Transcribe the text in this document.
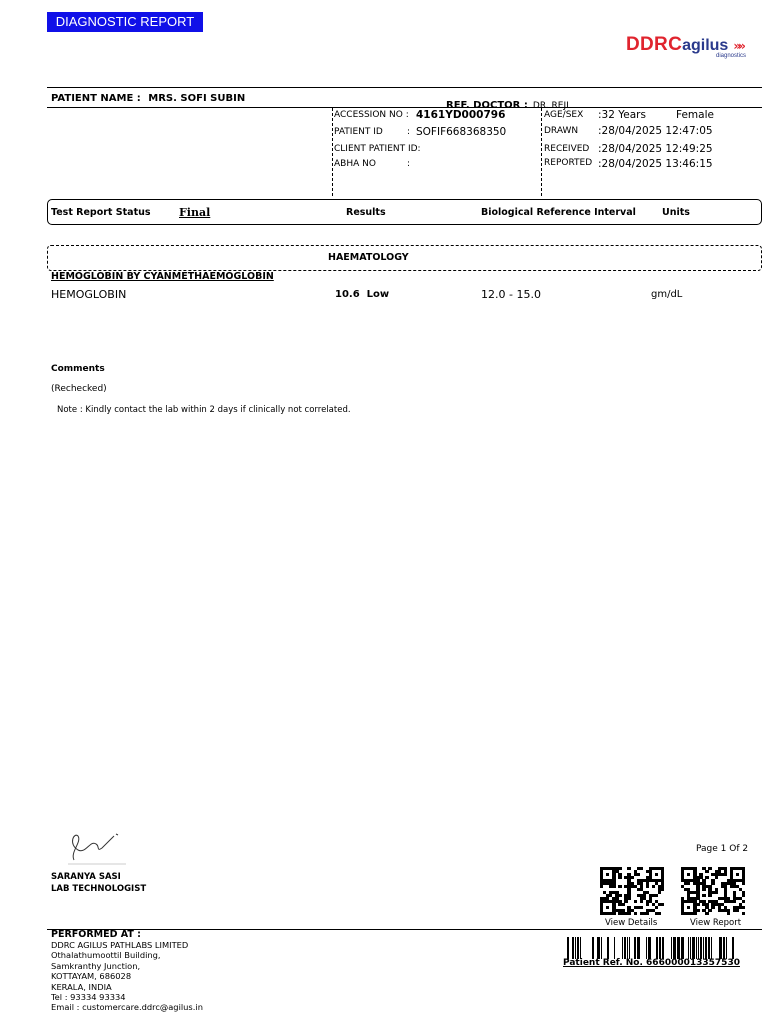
DIAGNOSTIC REPORT
DDRCagilus »»
diagnostics
PATIENT NAME : MRS. SOFI SUBIN
REF. DOCTOR : DR. REJI
ACCESSION NO : 4161YD000796
PATIENT ID	: SOFIF668368350
CLIENT PATIENT ID:
ABHA NO	:
AGE/SEX :32 Years	Female
DRAWN :28/04/2025 12:47:05
RECEIVED :28/04/2025 12:49:25
REPORTED :28/04/2025 13:46:15
Test Report Status	Final	Results	Biological Reference Interval	Units
HAEMATOLOGY
HEMOGLOBIN BY CYANMETHAEMOGLOBIN
HEMOGLOBIN	10.6 Low	12.0 - 15.0	gm/dL
Comments
(Rechecked)
Note : Kindly contact the lab within 2 days if clinically not correlated.
SARANYA SASI
LAB TECHNOLOGIST
Page 1 Of 2
View Details	View Report
PERFORMED AT :
DDRC AGILUS PATHLABS LIMITED
Othalathumoottil Building,
Samkranthy Junction,
KOTTAYAM, 686028
KERALA, INDIA
Tel : 93334 93334
Email : customercare.ddrc@agilus.in
Patient Ref. No. 666000013357530
